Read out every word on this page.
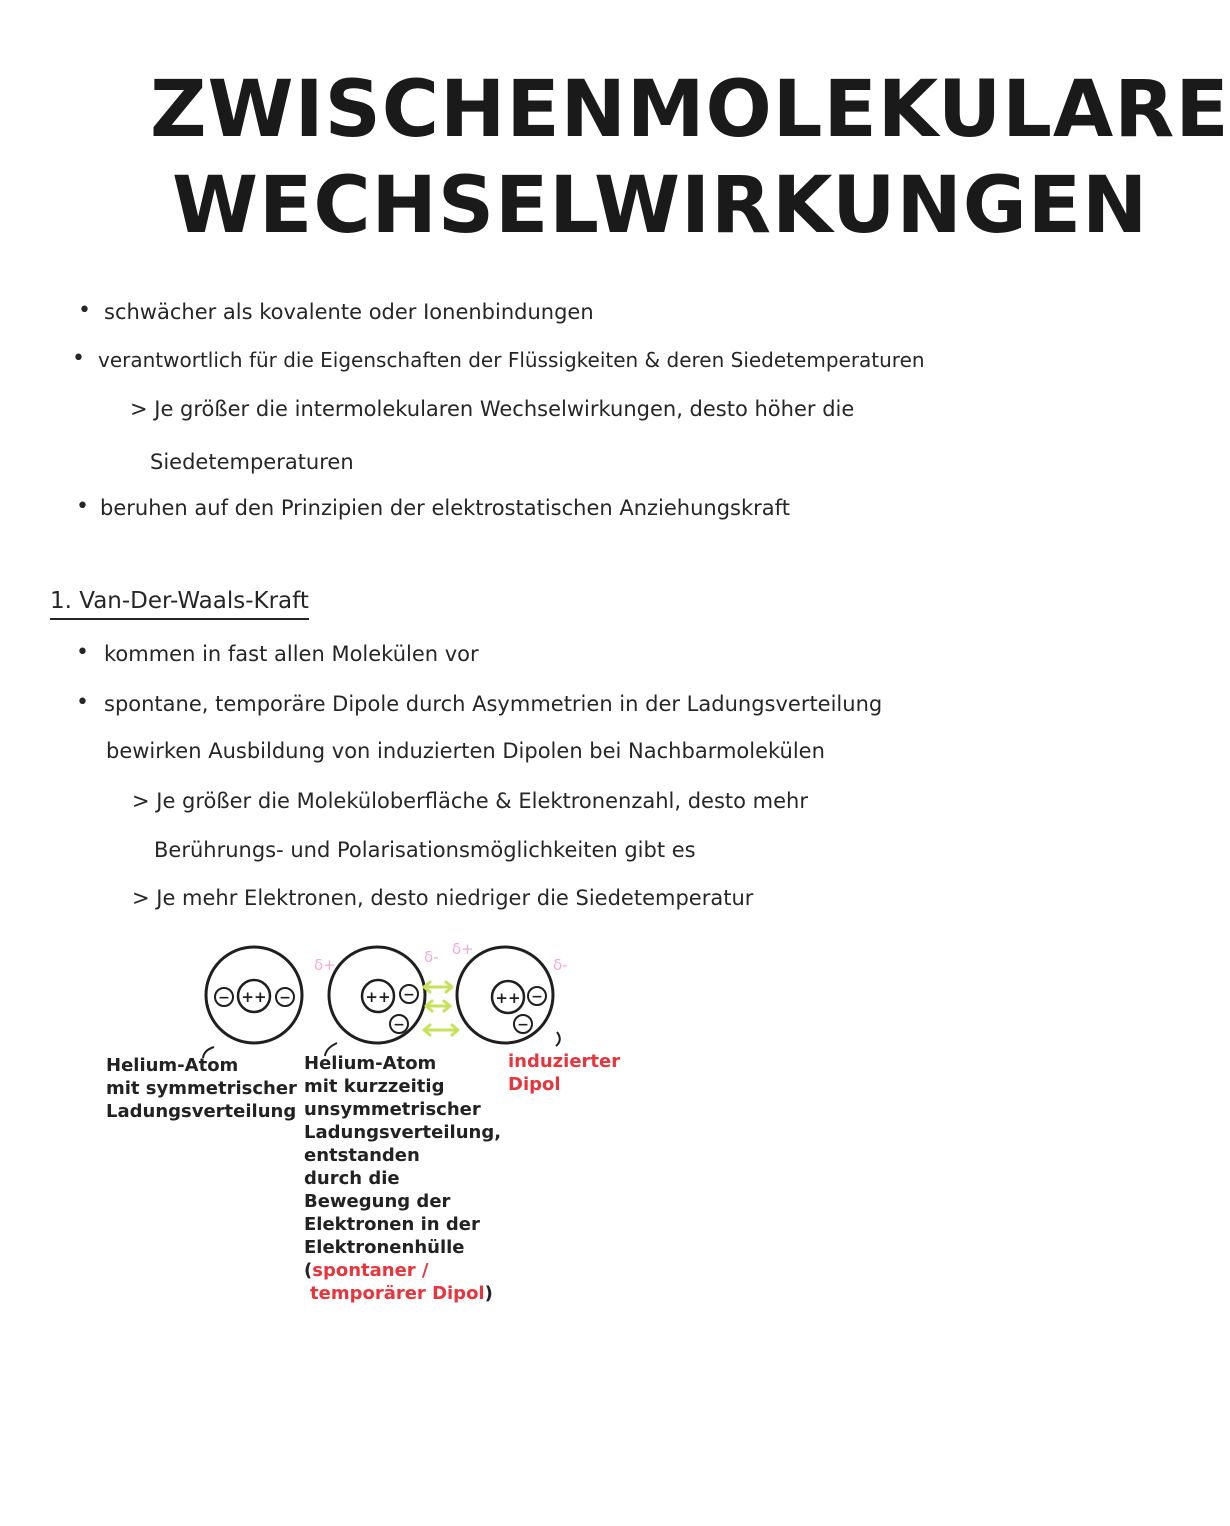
ZWISCHENMOLEKULARE
WECHSELWIRKUNGEN
• schwächer als kovalente oder Ionenbindungen
• verantwortlich für die Eigenschaften der Flüssigkeiten & deren Siedetemperaturen
> Je größer die intermolekularen Wechselwirkungen, desto höher die
Siedetemperaturen
• beruhen auf den Prinzipien der elektrostatischen Anziehungskraft
1. Van-Der-Waals-Kraft
• kommen in fast allen Molekülen vor
• spontane, temporäre Dipole durch Asymmetrien in der Ladungsverteilung
bewirken Ausbildung von induzierten Dipolen bei Nachbarmolekülen
> Je größer die Moleküloberfläche & Elektronenzahl, desto mehr
Berührungs- und Polarisationsmöglichkeiten gibt es
> Je mehr Elektronen, desto niedriger die Siedetemperatur
++	++	++
−	−	−
−
−
−
δ+	δ- δ+
δ-
Helium-Atom
mit symmetrischer
Ladungsverteilung
Helium-Atom
mit kurzzeitig
unsymmetrischer
Ladungsverteilung,
entstanden
durch die
Bewegung der
Elektronen in der
Elektronenhülle
(spontaner /
temporärer Dipol)
induzierter
Dipol
